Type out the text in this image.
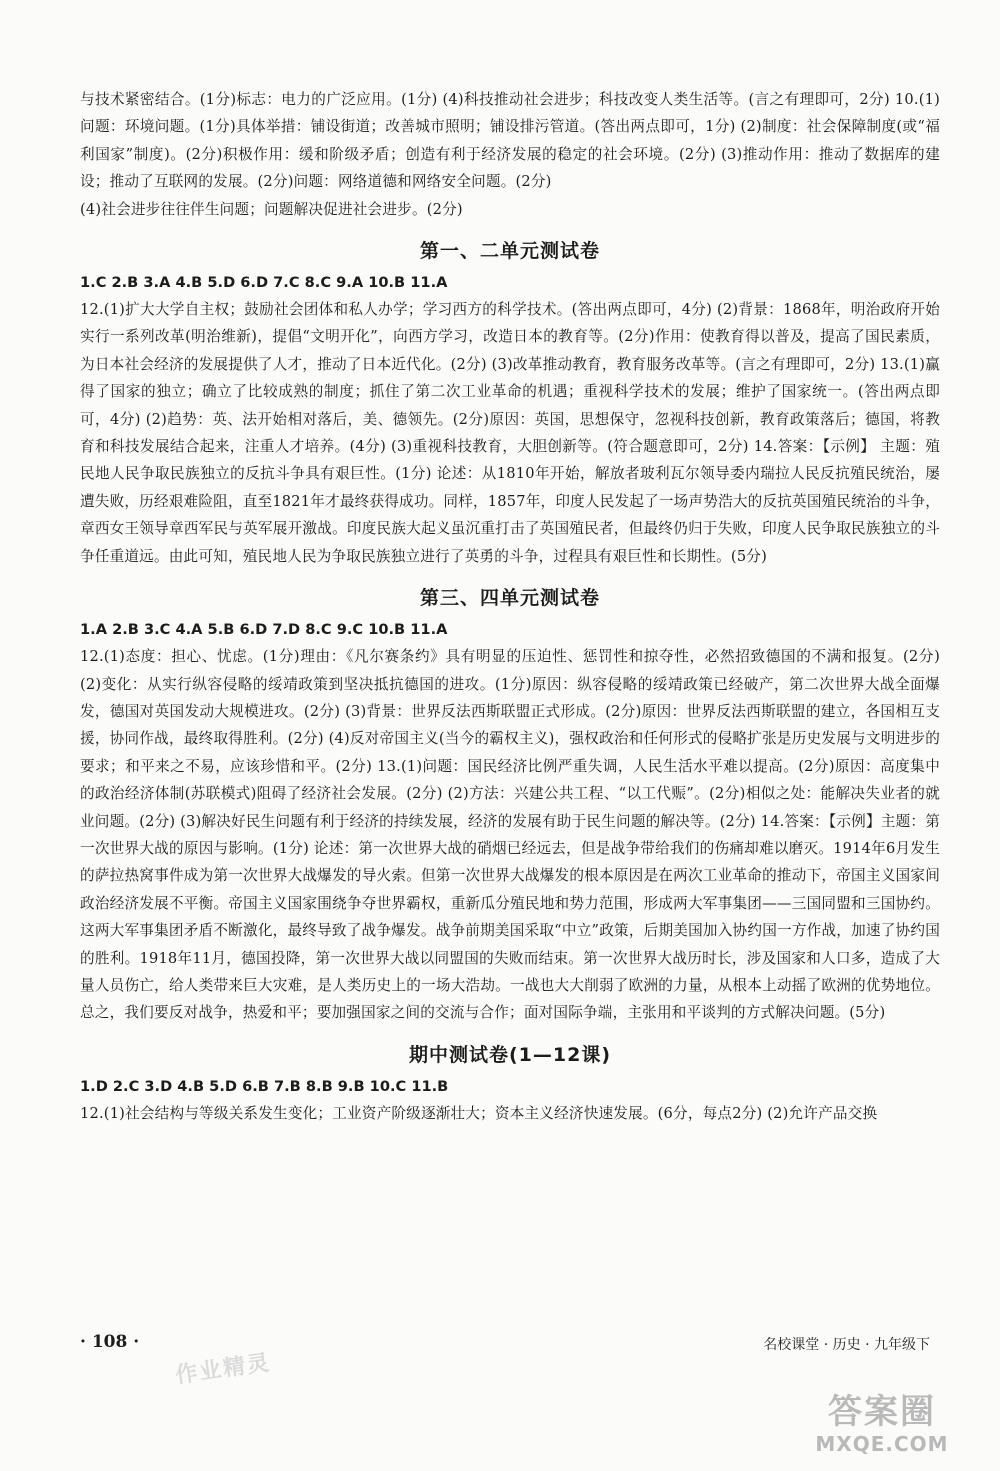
与技术紧密结合。(1分)标志：电力的广泛应用。(1分) (4)科技推动社会进步；科技改变人类生活等。(言之有理即可，2分) 10.(1)问题：环境问题。(1分)具体举措：铺设街道；改善城市照明；铺设排污管道。(答出两点即可，1分) (2)制度：社会保障制度(或“福利国家”制度)。(2分)积极作用：缓和阶级矛盾；创造有利于经济发展的稳定的社会环境。(2分) (3)推动作用：推动了数据库的建设；推动了互联网的发展。(2分)问题：网络道德和网络安全问题。(2分)

(4)社会进步往往伴生问题；问题解决促进社会进步。(2分)

第一、二单元测试卷
1.C 2.B 3.A 4.B 5.D 6.D 7.C 8.C 9.A 10.B 11.A

12.(1)扩大大学自主权；鼓励社会团体和私人办学；学习西方的科学技术。(答出两点即可，4分) (2)背景：1868年，明治政府开始实行一系列改革(明治维新)，提倡“文明开化”，向西方学习，改造日本的教育等。(2分)作用：使教育得以普及，提高了国民素质，为日本社会经济的发展提供了人才，推动了日本近代化。(2分) (3)改革推动教育，教育服务改革等。(言之有理即可，2分) 13.(1)赢得了国家的独立；确立了比较成熟的制度；抓住了第二次工业革命的机遇；重视科学技术的发展；维护了国家统一。(答出两点即可，4分) (2)趋势：英、法开始相对落后，美、德领先。(2分)原因：英国，思想保守，忽视科技创新，教育政策落后；德国，将教育和科技发展结合起来，注重人才培养。(4分) (3)重视科技教育，大胆创新等。(符合题意即可，2分) 14.答案：【示例】 主题：殖民地人民争取民族独立的反抗斗争具有艰巨性。(1分) 论述：从1810年开始，解放者玻利瓦尔领导委内瑞拉人民反抗殖民统治，屡遭失败，历经艰难险阻，直至1821年才最终获得成功。同样，1857年，印度人民发起了一场声势浩大的反抗英国殖民统治的斗争，章西女王领导章西军民与英军展开激战。印度民族大起义虽沉重打击了英国殖民者，但最终仍归于失败，印度人民争取民族独立的斗争任重道远。由此可知，殖民地人民为争取民族独立进行了英勇的斗争，过程具有艰巨性和长期性。(5分)

第三、四单元测试卷
1.A 2.B 3.C 4.A 5.B 6.D 7.D 8.C 9.C 10.B 11.A

12.(1)态度：担心、忧虑。(1分)理由：《凡尔赛条约》具有明显的压迫性、惩罚性和掠夺性，必然招致德国的不满和报复。(2分) (2)变化：从实行纵容侵略的绥靖政策到坚决抵抗德国的进攻。(1分)原因：纵容侵略的绥靖政策已经破产，第二次世界大战全面爆发，德国对英国发动大规模进攻。(2分) (3)背景：世界反法西斯联盟正式形成。(2分)原因：世界反法西斯联盟的建立，各国相互支援，协同作战，最终取得胜利。(2分) (4)反对帝国主义(当今的霸权主义)，强权政治和任何形式的侵略扩张是历史发展与文明进步的要求；和平来之不易，应该珍惜和平。(2分) 13.(1)问题：国民经济比例严重失调，人民生活水平难以提高。(2分)原因：高度集中的政治经济体制(苏联模式)阻碍了经济社会发展。(2分) (2)方法：兴建公共工程、“以工代赈”。(2分)相似之处：能解决失业者的就业问题。(2分) (3)解决好民生问题有利于经济的持续发展，经济的发展有助于民生问题的解决等。(2分) 14.答案：【示例】主题：第一次世界大战的原因与影响。(1分) 论述：第一次世界大战的硝烟已经远去，但是战争带给我们的伤痛却难以磨灭。1914年6月发生的萨拉热窝事件成为第一次世界大战爆发的导火索。但第一次世界大战爆发的根本原因是在两次工业革命的推动下，帝国主义国家间政治经济发展不平衡。帝国主义国家围绕争夺世界霸权，重新瓜分殖民地和势力范围，形成两大军事集团——三国同盟和三国协约。这两大军事集团矛盾不断激化，最终导致了战争爆发。战争前期美国采取“中立”政策，后期美国加入协约国一方作战，加速了协约国的胜利。1918年11月，德国投降，第一次世界大战以同盟国的失败而结束。第一次世界大战历时长，涉及国家和人口多，造成了大量人员伤亡，给人类带来巨大灾难，是人类历史上的一场大浩劫。一战也大大削弱了欧洲的力量，从根本上动摇了欧洲的优势地位。总之，我们要反对战争，热爱和平；要加强国家之间的交流与合作；面对国际争端，主张用和平谈判的方式解决问题。(5分)

期中测试卷(1—12课)
1.D 2.C 3.D 4.B 5.D 6.B 7.B 8.B 9.B 10.C 11.B

12.(1)社会结构与等级关系发生变化；工业资产阶级逐渐壮大；资本主义经济快速发展。(6分，每点2分) (2)允许产品交换

· 108 ·	名校课堂 · 历史 · 九年级下
作业精灵
答案圈
MXQE.COM
